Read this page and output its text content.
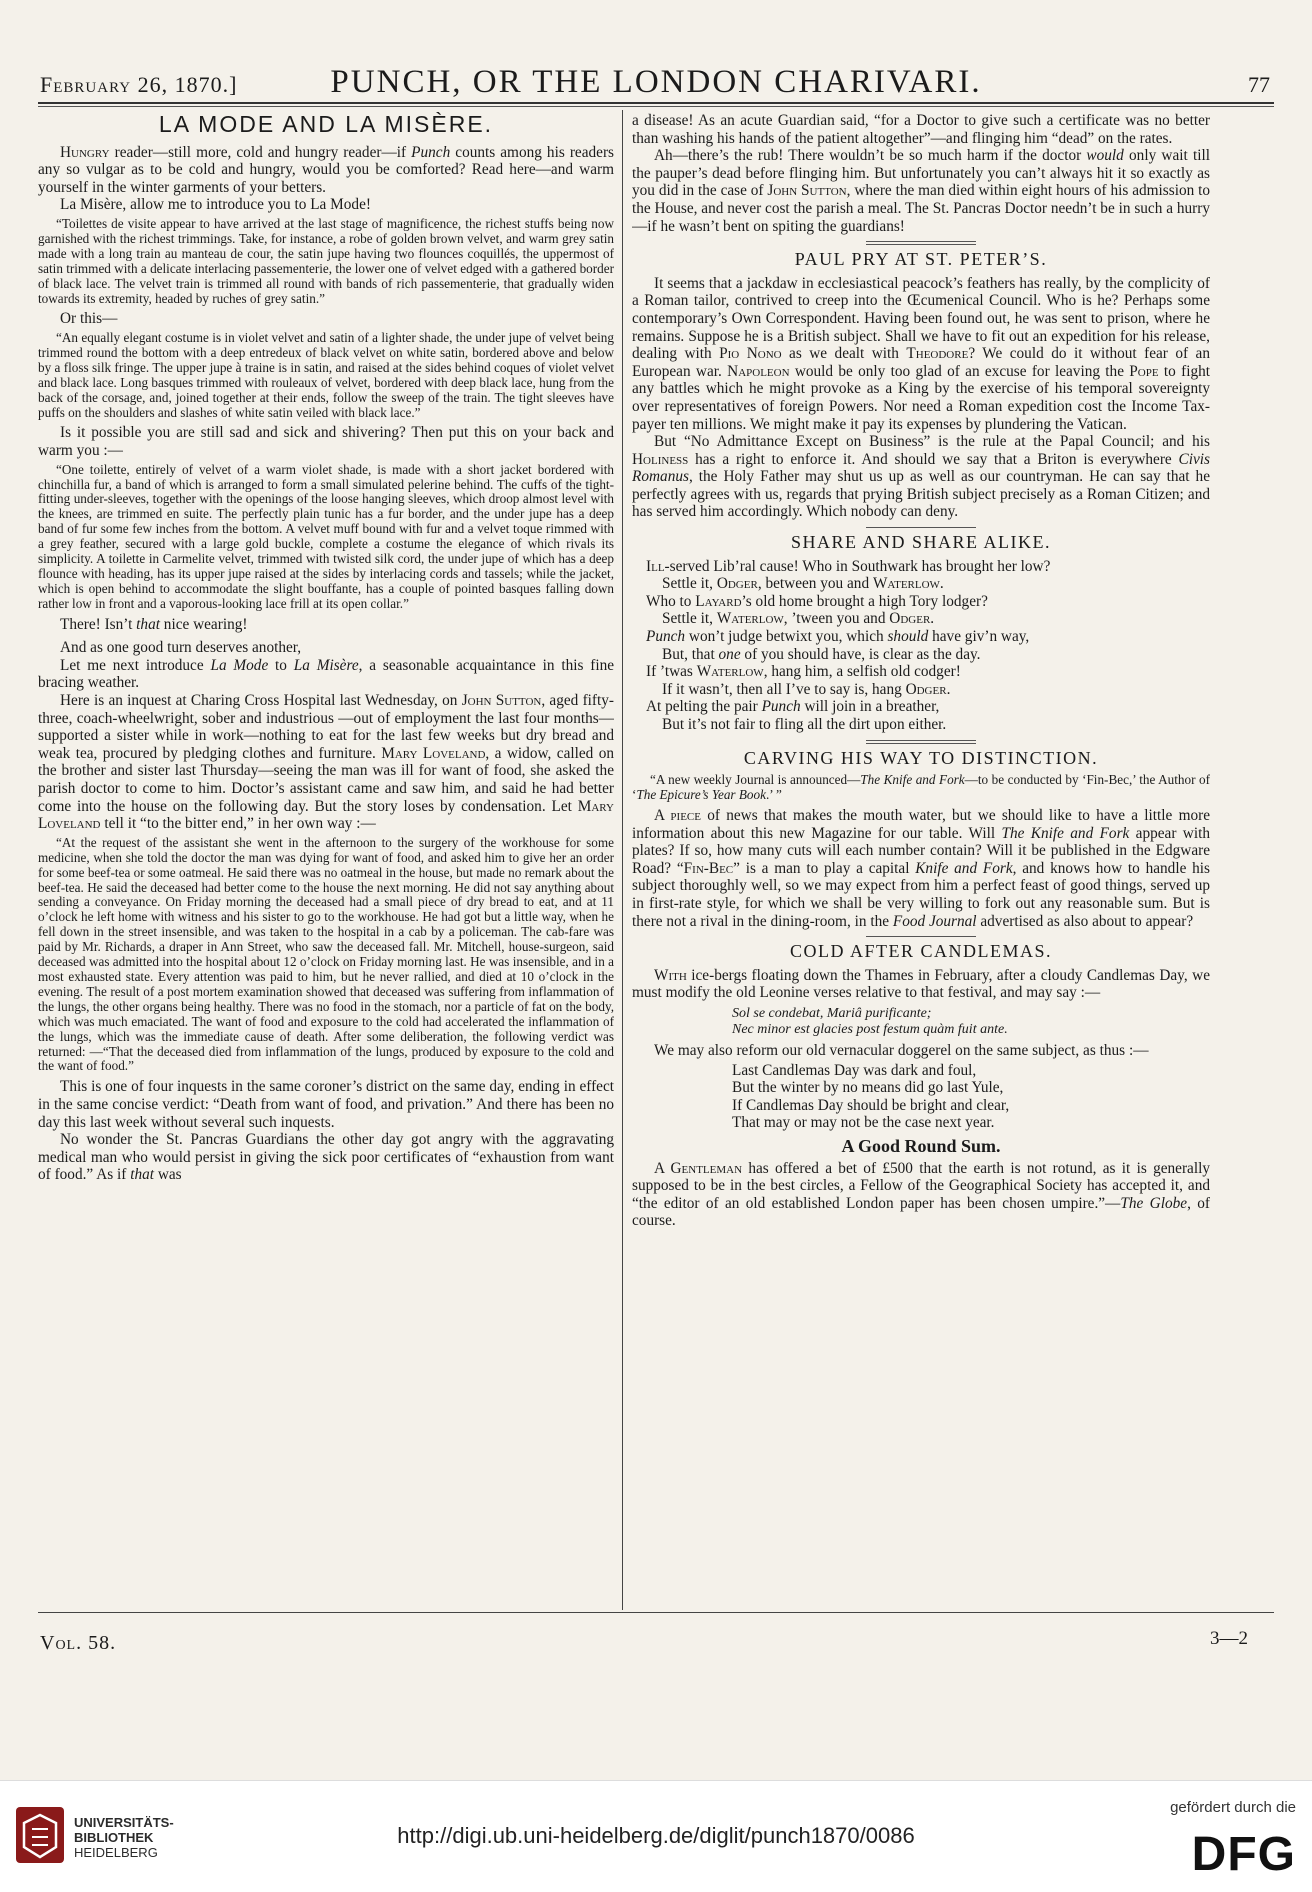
February 26, 1870.]	PUNCH, OR THE LONDON CHARIVARI.	77
LA MODE AND LA MISÈRE.

Hungry reader—still more, cold and hungry reader—if Punch counts among his readers any so vulgar as to be cold and hungry, would you be comforted? Read here—and warm yourself in the winter garments of your betters.

La Misère, allow me to introduce you to La Mode!

“Toilettes de visite appear to have arrived at the last stage of magnificence, the richest stuffs being now garnished with the richest trimmings. Take, for instance, a robe of golden brown velvet, and warm grey satin made with a long train au manteau de cour, the satin jupe having two flounces coquillés, the uppermost of satin trimmed with a delicate interlacing passementerie, the lower one of velvet edged with a gathered border of black lace. The velvet train is trimmed all round with bands of rich passementerie, that gradually widen towards its extremity, headed by ruches of grey satin.”

Or this—

“An equally elegant costume is in violet velvet and satin of a lighter shade, the under jupe of velvet being trimmed round the bottom with a deep entredeux of black velvet on white satin, bordered above and below by a floss silk fringe. The upper jupe à traine is in satin, and raised at the sides behind coques of violet velvet and black lace. Long basques trimmed with rouleaux of velvet, bordered with deep black lace, hung from the back of the corsage, and, joined together at their ends, follow the sweep of the train. The tight sleeves have puffs on the shoulders and slashes of white satin veiled with black lace.”

Is it possible you are still sad and sick and shivering? Then put this on your back and warm you :—

“One toilette, entirely of velvet of a warm violet shade, is made with a short jacket bordered with chinchilla fur, a band of which is arranged to form a small simulated pelerine behind. The cuffs of the tight-fitting under-sleeves, together with the openings of the loose hanging sleeves, which droop almost level with the knees, are trimmed en suite. The perfectly plain tunic has a fur border, and the under jupe has a deep band of fur some few inches from the bottom. A velvet muff bound with fur and a velvet toque rimmed with a grey feather, secured with a large gold buckle, complete a costume the elegance of which rivals its simplicity. A toilette in Carmelite velvet, trimmed with twisted silk cord, the under jupe of which has a deep flounce with heading, has its upper jupe raised at the sides by interlacing cords and tassels; while the jacket, which is open behind to accommodate the slight bouffante, has a couple of pointed basques falling down rather low in front and a vaporous-looking lace frill at its open collar.”

There! Isn’t that nice wearing!

And as one good turn deserves another,

Let me next introduce La Mode to La Misère, a seasonable acquaintance in this fine bracing weather.

Here is an inquest at Charing Cross Hospital last Wednesday, on John Sutton, aged fifty-three, coach-wheelwright, sober and industrious —out of employment the last four months—supported a sister while in work—nothing to eat for the last few weeks but dry bread and weak tea, procured by pledging clothes and furniture. Mary Loveland, a widow, called on the brother and sister last Thursday—seeing the man was ill for want of food, she asked the parish doctor to come to him. Doctor’s assistant came and saw him, and said he had better come into the house on the following day. But the story loses by condensation. Let Mary Loveland tell it “to the bitter end,” in her own way :—

“At the request of the assistant she went in the afternoon to the surgery of the workhouse for some medicine, when she told the doctor the man was dying for want of food, and asked him to give her an order for some beef-tea or some oatmeal. He said there was no oatmeal in the house, but made no remark about the beef-tea. He said the deceased had better come to the house the next morning. He did not say anything about sending a conveyance. On Friday morning the deceased had a small piece of dry bread to eat, and at 11 o’clock he left home with witness and his sister to go to the workhouse. He had got but a little way, when he fell down in the street insensible, and was taken to the hospital in a cab by a policeman. The cab-fare was paid by Mr. Richards, a draper in Ann Street, who saw the deceased fall. Mr. Mitchell, house-surgeon, said deceased was admitted into the hospital about 12 o’clock on Friday morning last. He was insensible, and in a most exhausted state. Every attention was paid to him, but he never rallied, and died at 10 o’clock in the evening. The result of a post mortem examination showed that deceased was suffering from inflammation of the lungs, the other organs being healthy. There was no food in the stomach, nor a particle of fat on the body, which was much emaciated. The want of food and exposure to the cold had accelerated the inflammation of the lungs, which was the immediate cause of death. After some deliberation, the following verdict was returned: —“That the deceased died from inflammation of the lungs, produced by exposure to the cold and the want of food.”

This is one of four inquests in the same coroner’s district on the same day, ending in effect in the same concise verdict: “Death from want of food, and privation.” And there has been no day this last week without several such inquests.

No wonder the St. Pancras Guardians the other day got angry with the aggravating medical man who would persist in giving the sick poor certificates of “exhaustion from want of food.” As if that was

a disease! As an acute Guardian said, “for a Doctor to give such a certificate was no better than washing his hands of the patient altogether”—and flinging him “dead” on the rates.

Ah—there’s the rub! There wouldn’t be so much harm if the doctor would only wait till the pauper’s dead before flinging him. But unfortunately you can’t always hit it so exactly as you did in the case of John Sutton, where the man died within eight hours of his admission to the House, and never cost the parish a meal. The St. Pancras Doctor needn’t be in such a hurry—if he wasn’t bent on spiting the guardians!

PAUL PRY AT ST. PETER’S.

It seems that a jackdaw in ecclesiastical peacock’s feathers has really, by the complicity of a Roman tailor, contrived to creep into the Œcumenical Council. Who is he? Perhaps some contemporary’s Own Correspondent. Having been found out, he was sent to prison, where he remains. Suppose he is a British subject. Shall we have to fit out an expedition for his release, dealing with Pio Nono as we dealt with Theodore? We could do it without fear of an European war. Napoleon would be only too glad of an excuse for leaving the Pope to fight any battles which he might provoke as a King by the exercise of his temporal sovereignty over representatives of foreign Powers. Nor need a Roman expedition cost the Income Tax-payer ten millions. We might make it pay its expenses by plundering the Vatican.

But “No Admittance Except on Business” is the rule at the Papal Council; and his Holiness has a right to enforce it. And should we say that a Briton is everywhere Civis Romanus, the Holy Father may shut us up as well as our countryman. He can say that he perfectly agrees with us, regards that prying British subject precisely as a Roman Citizen; and has served him accordingly. Which nobody can deny.

SHARE AND SHARE ALIKE.

Ill-served Lib’ral cause! Who in Southwark has brought her low?

Settle it, Odger, between you and Waterlow.

Who to Layard’s old home brought a high Tory lodger?

Settle it, Waterlow, ’tween you and Odger.

Punch won’t judge betwixt you, which should have giv’n way,

But, that one of you should have, is clear as the day.

If ’twas Waterlow, hang him, a selfish old codger!

If it wasn’t, then all I’ve to say is, hang Odger.

At pelting the pair Punch will join in a breather,

But it’s not fair to fling all the dirt upon either.

CARVING HIS WAY TO DISTINCTION.

“A new weekly Journal is announced—The Knife and Fork—to be conducted by ‘Fin-Bec,’ the Author of ‘The Epicure’s Year Book.’ ”

A piece of news that makes the mouth water, but we should like to have a little more information about this new Magazine for our table. Will The Knife and Fork appear with plates? If so, how many cuts will each number contain? Will it be published in the Edgware Road? “Fin-Bec” is a man to play a capital Knife and Fork, and knows how to handle his subject thoroughly well, so we may expect from him a perfect feast of good things, served up in first-rate style, for which we shall be very willing to fork out any reasonable sum. But is there not a rival in the dining-room, in the Food Journal advertised as also about to appear?

COLD AFTER CANDLEMAS.

With ice-bergs floating down the Thames in February, after a cloudy Candlemas Day, we must modify the old Leonine verses relative to that festival, and may say :—

Sol se condebat, Mariâ purificante;
Nec minor est glacies post festum quàm fuit ante.

We may also reform our old vernacular doggerel on the same subject, as thus :—

Last Candlemas Day was dark and foul,
But the winter by no means did go last Yule,
If Candlemas Day should be bright and clear,
That may or may not be the case next year.
A Good Round Sum.

A Gentleman has offered a bet of £500 that the earth is not rotund, as it is generally supposed to be in the best circles, a Fellow of the Geographical Society has accepted it, and “the editor of an old established London paper has been chosen umpire.”—The Globe, of course.

Vol. 58.	3—2
UNIVERSITÄTS-
BIBLIOTHEK
HEIDELBERG
http://digi.ub.uni-heidelberg.de/diglit/punch1870/0086
gefördert durch die
DFG
